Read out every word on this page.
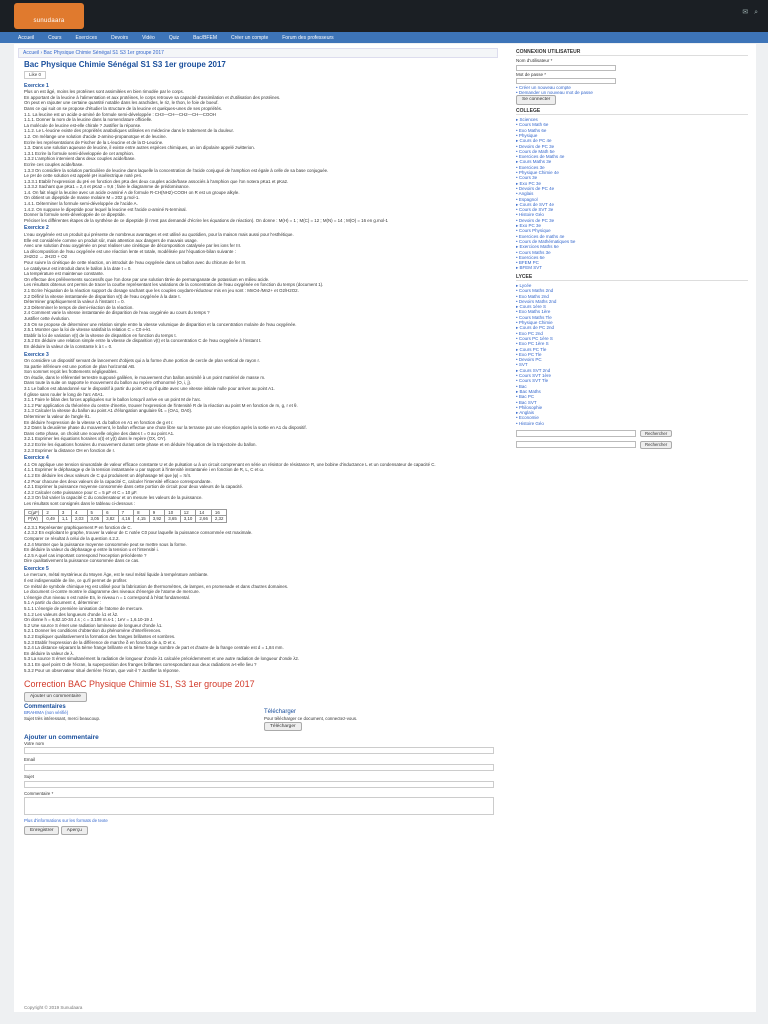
sunudaara
✉   ⌕
Accueil	Cours	Exercices	Devoirs	Vidéo	Quiz	Bac/BFEM	Créer un compte	Forum des professeurs
Accueil › Bac Physique Chimie Sénégal S1 S3 1er groupe 2017
Bac Physique Chimie Sénégal S1 S3 1er groupe 2017
Like 0
Exercice 1

Plus on est âgé, moins les protéines sont assimilées en bien rimodée par le corps.

En apportant de la leucine à l'alimentation et aux protéines, le corps retrouve sa capacité d'assimilation et d'utilisation des protéines.

On peut en rajouter une certaine quantité notable dans les arachides, le riz, le thon, le foie de boeuf.

Dans ce qui suit on se propose d'étudier la structure de la leucine et quelques-unes de ses propriétés.

1.1. La leucine est un acide α-aminé de formule semi-développée : CH3—CH—CH2—CH—COOH

1.1.1. Donner la nom de la leucine dans la nomenclature officielle.

La molécule de leucine est-elle chirale ? Justifier la réponse.

1.1.2. Le L-leucine existe des propriétés anaboliques utilisées en médecine dans le traitement de la douleur.

1.2. On mélange une solution d'acide 2-amino-propanoïque et de leucine.

Ecrire les représentations de Fischer de la L-leucine et de la D-Leucine.

1.3. Dans une solution aqueuse de leucine, il existe entre autres espèces chimiques, un ion dipolaire appelé zwitterion.

1.3.1 Ecrire la formule semi-développée de cet amphion.

1.3.2 L'amphion intervient dans deux couples acide/base.

Ecrire ces couples acide/base.

1.3.3 On considère la solution particulière de leucine dans laquelle la concentration de l'acide conjugué de l'amphion est égale à celle de sa base conjuguée.

Le pH de cette solution est appelé pH isoélectrique noté pHi.

1.3.3.1 Etablir l'expression du pHi en fonction des pKa des deux couples acide/base associés à l'amphion que l'on notera pKa1 et pKa2.

1.3.3.2 Sachant que pKa1 = 2,4 et pKa2 = 9,6 ; faire le diagramme de prédominance.

1.4. On fait réagir la leucine avec un acide α-aminé A de formule R-CH(NH2)-COOH on R est un groupe alkyle.

On obtient un dipeptide de masse molaire M = 202 g.mol-1.

1.4.1. Déterminer la formule semi-développée de l'acide A.

1.4.2. On suppose le dipeptide pour lequel la leucine est l'acide α-aminé N-terminal.

Donner la formule semi-développée de ce dipeptide.

Préciser les différentes étapes de la synthèse de ce dipeptide (il n'est pas demandé d'écrire les équations de réaction). On donne : M(H) = 1 ; M(C) = 12 ; M(N) = 14 ; M(O) = 16 en g.mol-1

Exercice 2

L'eau oxygénée est un produit qui présente de nombreux avantages et est utilisé au quotidien, pour la maison mais aussi pour l'esthétique.

Elle est considérée comme un produit sûr, mais attention aux dangers de mauvais usage.

Avec une solution d'eau oxygénée on peut réaliser une cinétique de décomposition catalysée par les ions fer III.

La décomposition de l'eau oxygénée est une réaction lente et totale, modélisée par l'équation-bilan suivante :

2H2O2 → 2H2O + O2

Pour suivre la cinétique de cette réaction, on introduit de l'eau oxygénée dans un ballon avec du chlorure de fer III.

Le catalyseur est introduit dans le ballon à la date t = 0.

La température est maintenue constante.

On effectue des prélèvements successifs que l'on dose par une solution titrée de permanganate de potassium en milieu acide.

Les résultats obtenus ont permis de tracer la courbe représentant les variations de la concentration de l'eau oxygénée en fonction du temps (document 1).

2.1 Ecrire l'équation de la réaction support du dosage sachant que les couples oxydant-réducteur mis en jeu sont : MnO4-/Mn2+ et O2/H2O2.

2.2 Définir la vitesse instantanée de disparition v(t) de l'eau oxygénée à la date t.

Déterminer graphiquement la valeur à l'instant t = 0.

2.3 Déterminer le temps de demi-réaction de la réaction.

2.4 Comment varie la vitesse instantanée de disparition de l'eau oxygénée au cours du temps ?

Justifier cette évolution.

2.5 On se propose de déterminer une relation simple entre la vitesse volumique de disparition et la concentration molaire de l'eau oxygénée.

2.5.1 Montrer que la loi de vitesse satisfait la relation C = C0 e-kt.

Etablir la loi de variation v(t) de la vitesse de disparition en fonction du temps t.

2.5.2 En déduire une relation simple entre la vitesse de disparition v(t) et la concentration C de l'eau oxygénée à l'instant t.

En déduire la valeur de la constante k à t = 0.

Exercice 3

On considère un dispositif servant de lancement d'objets qui a la forme d'une portion de cercle de plan vertical de rayon r.

Sa partie inférieure est une portion de plan horizontal AB.

Son sommet reçoit les frottements négligeables.

On étudie, dans le référentiel terrestre supposé galiléen, le mouvement d'un ballon assimilé à un point matériel de masse m.

Dans toute la suite on rapporte le mouvement du ballon au repère orthonormé (O, i, j).

3.1 Le ballon est abandonné sur le dispositif à partir du point A0 qu'il quitte avec une vitesse initiale nulle pour arriver au point A1.

Il glisse sans rouler le long de l'arc A0A1.

3.1.1 Faire le bilan des forces appliquées sur le ballon lorsqu'il arrive en un point M de l'arc.

3.1.2 Par application du théorème du centre d'inertie, trouver l'expression de l'intensité R de la réaction au point M en fonction de m, g, r et θ.

3.1.3 Calculer la vitesse du ballon au point A1 d'élongation angulaire θ1 = (OA1, OA0).

Déterminer la valeur de l'angle θ1.

En déduire l'expression de la vitesse v1 du ballon en A1 en fonction de g et r.

3.2 Dans la deuxième phase du mouvement, le ballon effectue une chute libre sur la terrasse par une réception après la sortie en A1 du dispositif.

Dans cette phase, on choisit une nouvelle origine des dates t = 0 au point A1.

3.2.1 Exprimer les équations horaires x(t) et y(t) dans le repère (OX, OY).

3.2.2 Ecrire les équations horaires du mouvement durant cette phase et en déduire l'équation de la trajectoire du ballon.

3.2.3 Exprimer la distance OH en fonction de r.

Exercice 4

4.1 On applique une tension sinusoïdale de valeur efficace constante U et de pulsation ω à un circuit comprenant en série un résistor de résistance R, une bobine d'inductance L et un condensateur de capacité C.

4.1.1 Exprimer le déphasage φ de la tension instantanée u par rapport à l'intensité instantanée i en fonction de R, L, C et ω.

4.1.2 En déduire les deux valeurs de C qui produisent un déphasage tel que |φ| = π/4.

4.2 Pour chacune des deux valeurs de la capacité C, calculer l'intensité efficace correspondante.

4.2.1 Exprimer la puissance moyenne consommée dans cette portion de circuit pour deux valeurs de la capacité.

4.2.2 Calculer cette puissance pour C = 5 µF et C = 10 µF.

4.2.3 On fait varier la capacité C du condensateur et on mesure les valeurs de la puissance.

Les résultats sont consignés dans le tableau ci-dessous :

C(µF)	2	3	4	5	6	7	8	9	10	12	14	16
P(W)	0,49	1,1	2,03	3,05	3,82	4,16	4,15	3,92	3,65	3,10	2,66	2,32

4.2.3.1 Représenter graphiquement P en fonction de C.

4.2.3.2 En exploitant le graphe, trouver la valeur de C notée C0 pour laquelle la puissance consommée est maximale.

Comparer ce résultat à celui de la question 4.2.2.

4.2.4 Montrer que la puissance moyenne consommée peut se mettre sous la forme.

En déduire la valeur du déphasage φ entre la tension u et l'intensité i.

4.2.5 A quel cas important correspond l'exception précédente ?

Dire qualitativement la puissance consommée dans ce cas.

Exercice 5

Le mercure, métal mystérieux du Moyen Âge, est le seul métal liquide à température ambiante.

Il est indispensable de lire, ce qu'il permet de profiter.

Ce métal de symbole chimique Hg est utilisé pour la fabrication de thermomètres, de lampes, en promenade et dans d'autres domaines.

Le document ci-contre montre le diagramme des niveaux d'énergie de l'atome de mercure.

L'énergie d'un niveau n est notée En, le niveau n = 1 correspond à l'état fondamental.

5.1 A partir du document 4, déterminer :

5.1.1 L'énergie de première ionisation de l'atome de mercure.

5.1.2 Les valeurs des longueurs d'onde λ1 et λ2.

On donne h = 6,62.10-34 J.s ; c = 3.108 m.s-1 ; 1eV = 1,6.10-19 J.

5.2 Une source S émet une radiation lumineuse de longueur d'onde λ1.

5.2.1 Donner les conditions d'obtention du phénomène d'interférences.

5.2.2 Expliquer qualitativement la formation des franges brillantes et sombres.

5.2.3 Etablir l'expression de la différence de marche δ en fonction de a, D et x.

5.2.4 La distance séparant la 5ème frange brillante et la 5ème frange sombre de part et d'autre de la frange centrale est d = 1,84 mm.

En déduire la valeur de λ.

5.3 La source S émet simultanément la radiation de longueur d'onde λ1 calculée précédemment et une autre radiation de longueur d'onde λ2.

5.3.1 En quel point O de l'écran, la superposition des franges brillantes correspondant aux deux radiations a-t-elle lieu ?

5.3.2 Pour un observateur situé derrière l'écran, que voit-il ? Justifier la réponse.

Correction BAC Physique Chimie S1, S3 1er groupe 2017
Ajouter un commentaire
Commentaires
BRAHIMA (non vérifié)
Sujet très intéressant, merci beaucoup.
Télécharger
Pour télécharger ce document, connectez-vous.
Télécharger
Ajouter un commentaire
Votre nom
Email
Sujet
Commentaire *
Plus d'informations sur les formats de texte
Enregistrer	Aperçu
CONNEXION UTILISATEUR
Nom d'utilisateur *
Mot de passe *
• Créer un nouveau compte
• Demander un nouveau mot de passe
Se connecter
COLLEGE
▸ Sciences
• Cours Math 6e
• Exo Maths 6e
• Physique
▸ Cours de PC 4e
• Devoirs de PC 3e
• Cours de Math 5e
• Exercices de Maths 4e
▸ Cours Maths 3e
• Exercices 3e
• Physique Chimie 4e
• Cours 3e
▸ Exo PC 3e
• Devoirs de PC 4e
• Anglais
• Espagnol
▸ Cours de SVT 4e
• Cours de SVT 3e
• Histoire Géo
• Devoirs de PC 3e
▸ Exo PC 3e
• Cours Physique
• Exercices de maths 4e
• Cours de Mathématiques 5e
▸ Exercices Maths 6e
• Cours Maths 3e
• Exercices 6e
• BFEM PC
▸ BFEM SVT
LYCEE
▸ Lycée
• Cours Maths 2nd
• Exo Maths 2nd
• Devoirs Maths 2nd
▸ Cours 1ère S
• Exo Maths 1ère
• Cours Maths Tle
• Physique Chimie
▸ Cours de PC 2nd
• Exo PC 2nd
• Cours PC 1ère S
• Exo PC 1ère S
▸ Cours PC Tle
• Exo PC Tle
• Devoirs PC
• SVT
▸ Cours SVT 2nd
• Cours SVT 1ère
• Cours SVT Tle
• Bac
▸ Bac Maths
• Bac PC
• Bac SVT
• Philosophie
▸ Anglais
• Economie
• Histoire Géo
Rechercher
Rechercher
Copyright © 2019 Sunudaara
